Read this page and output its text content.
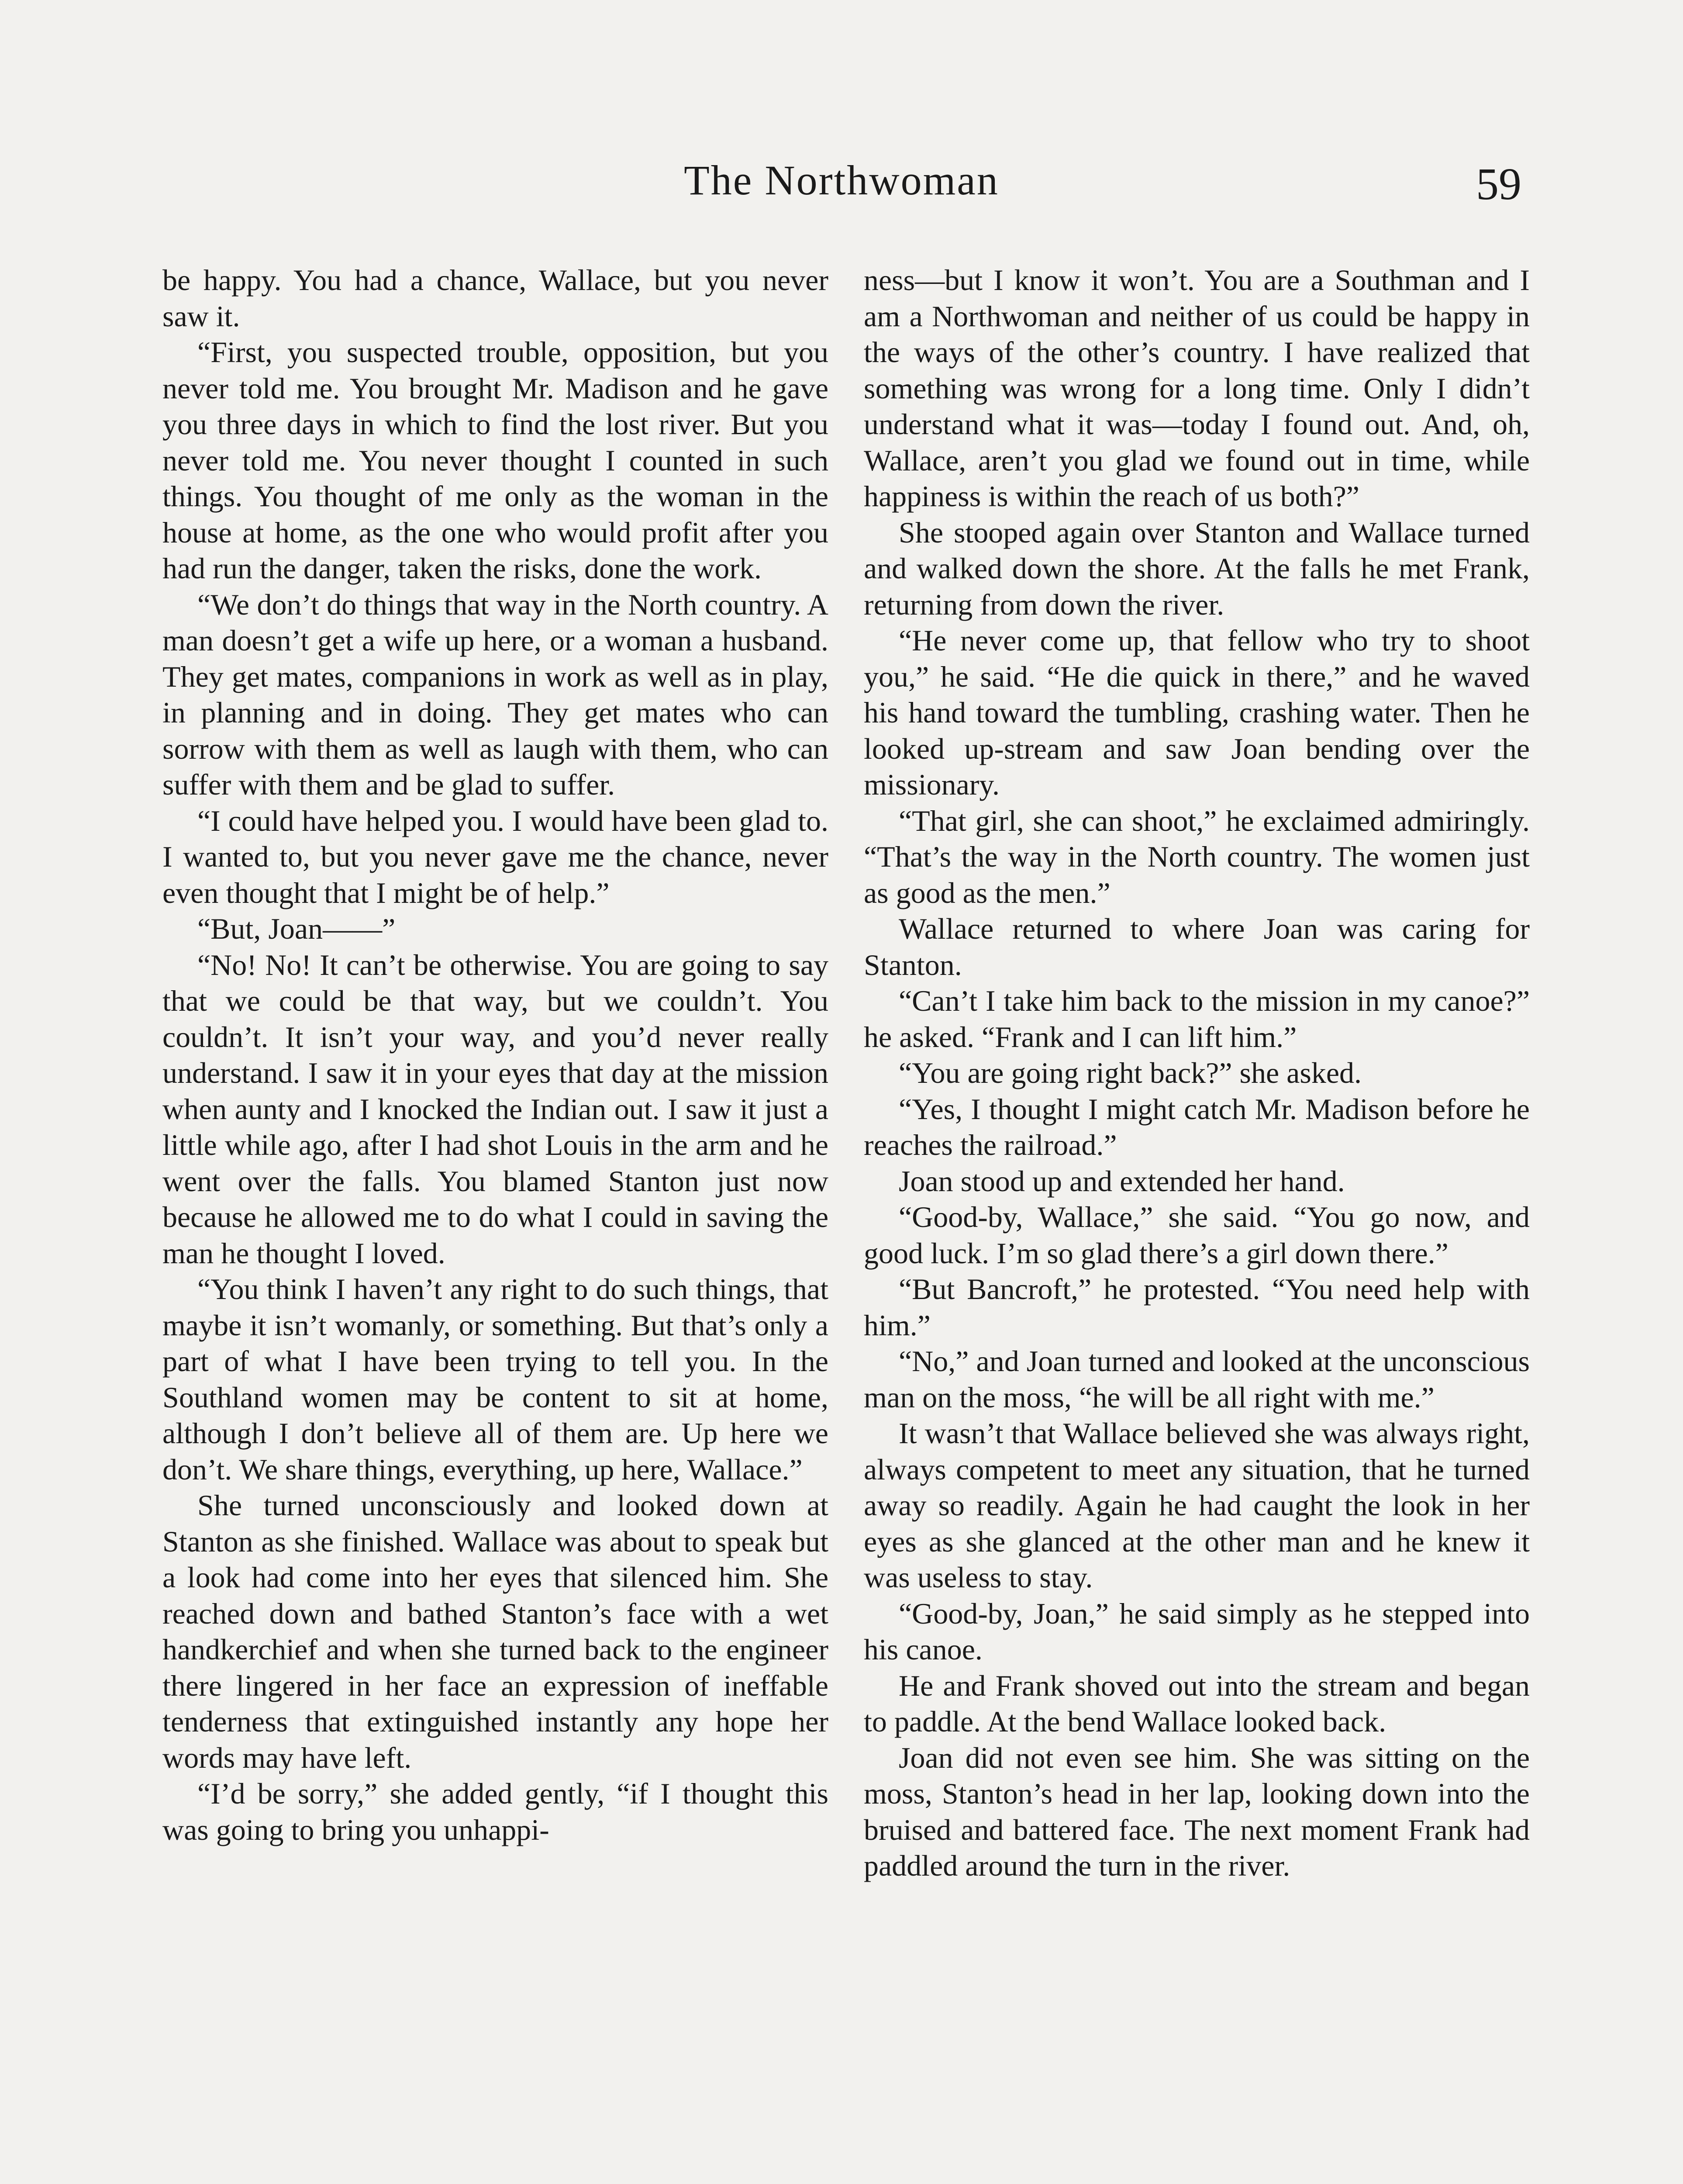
The Northwoman	59

be happy. You had a chance, Wallace, but you never saw it.

“First, you suspected trouble, opposition, but you never told me. You brought Mr. Madison and he gave you three days in which to find the lost river. But you never told me. You never thought I counted in such things. You thought of me only as the woman in the house at home, as the one who would profit after you had run the danger, taken the risks, done the work.

“We don’t do things that way in the North country. A man doesn’t get a wife up here, or a woman a husband. They get mates, companions in work as well as in play, in planning and in doing. They get mates who can sorrow with them as well as laugh with them, who can suffer with them and be glad to suffer.

“I could have helped you. I would have been glad to. I wanted to, but you never gave me the chance, never even thought that I might be of help.”

“But, Joan——”

“No! No! It can’t be otherwise. You are going to say that we could be that way, but we couldn’t. You couldn’t. It isn’t your way, and you’d never really understand. I saw it in your eyes that day at the mission when aunty and I knocked the Indian out. I saw it just a little while ago, after I had shot Louis in the arm and he went over the falls. You blamed Stanton just now because he allowed me to do what I could in saving the man he thought I loved.

“You think I haven’t any right to do such things, that maybe it isn’t womanly, or something. But that’s only a part of what I have been trying to tell you. In the Southland women may be content to sit at home, although I don’t believe all of them are. Up here we don’t. We share things, everything, up here, Wallace.”

She turned unconsciously and looked down at Stanton as she finished. Wallace was about to speak but a look had come into her eyes that silenced him. She reached down and bathed Stanton’s face with a wet handkerchief and when she turned back to the engineer there lingered in her face an expression of ineffable tenderness that extinguished instantly any hope her words may have left.

“I’d be sorry,” she added gently, “if I thought this was going to bring you unhappi-

ness—but I know it won’t. You are a Southman and I am a Northwoman and neither of us could be happy in the ways of the other’s country. I have realized that something was wrong for a long time. Only I didn’t understand what it was—today I found out. And, oh, Wallace, aren’t you glad we found out in time, while happiness is within the reach of us both?”

She stooped again over Stanton and Wallace turned and walked down the shore. At the falls he met Frank, returning from down the river.

“He never come up, that fellow who try to shoot you,” he said. “He die quick in there,” and he waved his hand toward the tumbling, crashing water. Then he looked up-stream and saw Joan bending over the missionary.

“That girl, she can shoot,” he exclaimed admiringly. “That’s the way in the North country. The women just as good as the men.”

Wallace returned to where Joan was caring for Stanton.

“Can’t I take him back to the mission in my canoe?” he asked. “Frank and I can lift him.”

“You are going right back?” she asked.

“Yes, I thought I might catch Mr. Madison before he reaches the railroad.”

Joan stood up and extended her hand.

“Good-by, Wallace,” she said. “You go now, and good luck. I’m so glad there’s a girl down there.”

“But Bancroft,” he protested. “You need help with him.”

“No,” and Joan turned and looked at the unconscious man on the moss, “he will be all right with me.”

It wasn’t that Wallace believed she was always right, always competent to meet any situation, that he turned away so readily. Again he had caught the look in her eyes as she glanced at the other man and he knew it was useless to stay.

“Good-by, Joan,” he said simply as he stepped into his canoe.

He and Frank shoved out into the stream and began to paddle. At the bend Wallace looked back.

Joan did not even see him. She was sitting on the moss, Stanton’s head in her lap, looking down into the bruised and battered face. The next moment Frank had paddled around the turn in the river.
